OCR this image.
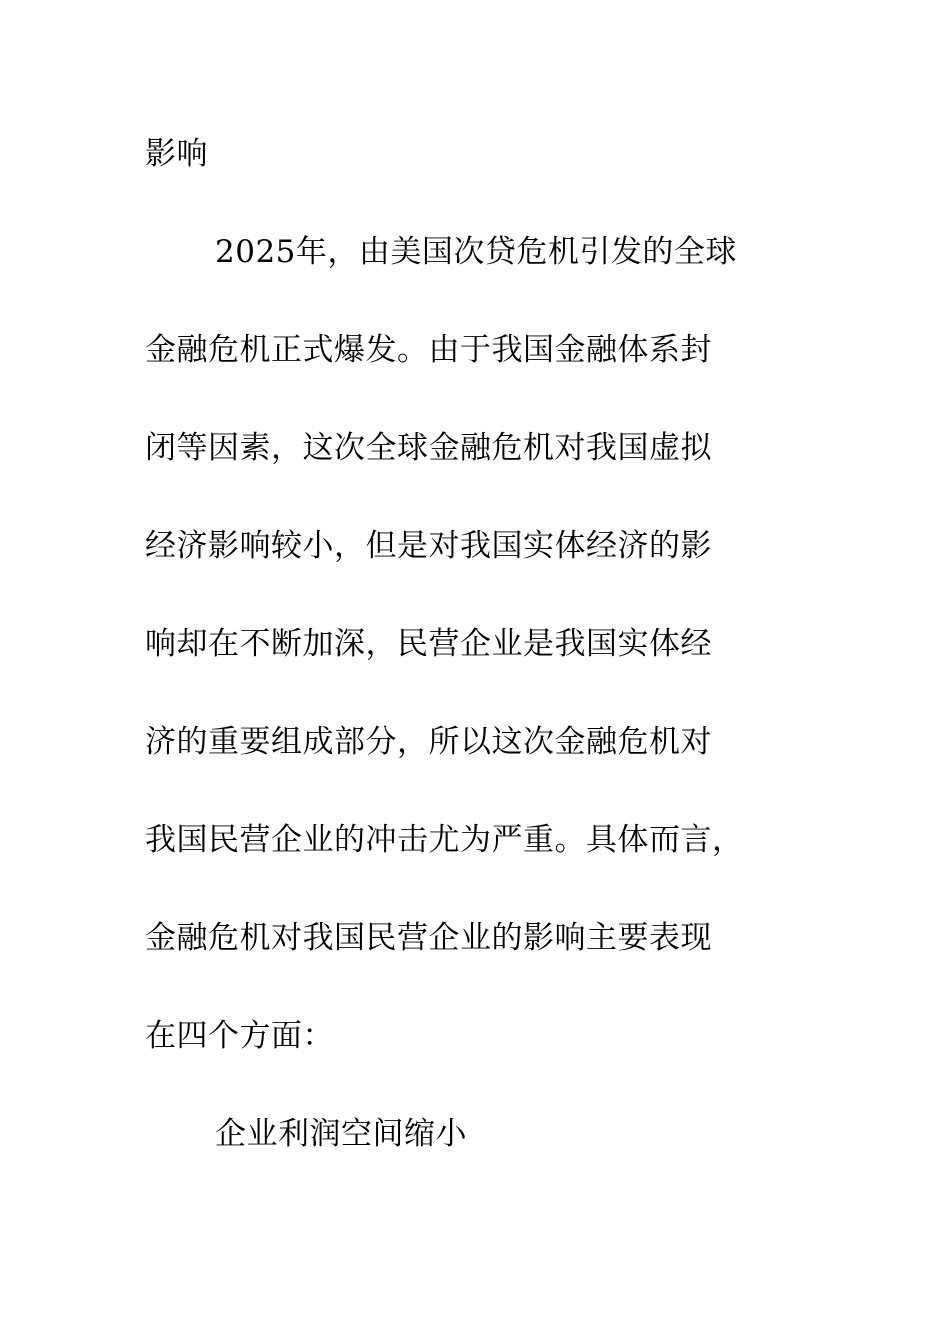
影响
2025年，由美国次贷危机引发的全球
金融危机正式爆发。由于我国金融体系封
闭等因素，这次全球金融危机对我国虚拟
经济影响较小，但是对我国实体经济的影
响却在不断加深，民营企业是我国实体经
济的重要组成部分，所以这次金融危机对
我国民营企业的冲击尤为严重。具体而言，
金融危机对我国民营企业的影响主要表现
在四个方面：
企业利润空间缩小
